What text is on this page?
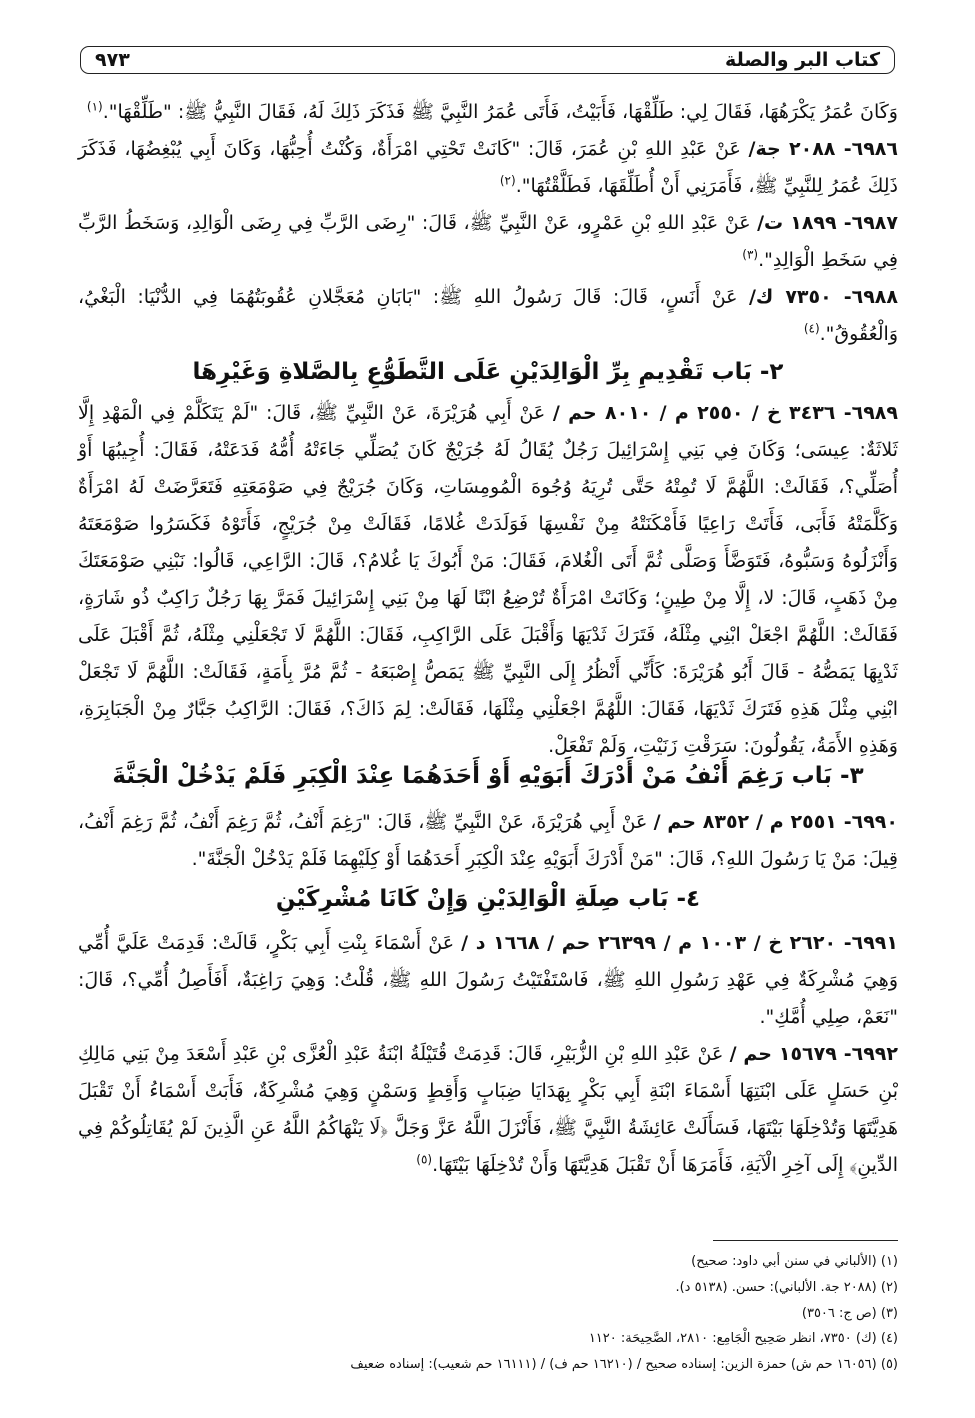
كتاب البر والصلة
٩٧٣

وَكَانَ عُمَرُ يَكْرَهُهَا، فَقَالَ لِي: طَلِّقْهَا، فَأَبَيْتُ، فَأَتَى عُمَرُ النَّبِيَّ ﷺ فَذَكَرَ ذَلِكَ لَهُ، فَقَالَ النَّبِيُّ ﷺ: "طَلِّقْهَا".$^{(١)}$

٦٩٨٦- ٢٠٨٨ جة/ عَنْ عَبْدِ اللهِ بْنِ عُمَرَ، قَالَ: "كَانَتْ تَحْتِي امْرَأَةٌ، وَكُنْتُ أُحِبُّهَا، وَكَانَ أَبِي يُبْغِضُهَا، فَذَكَرَ ذَلِكَ عُمَرُ لِلنَّبِيِّ ﷺ، فَأَمَرَنِي أَنْ أُطَلِّقَهَا، فَطَلَّقْتُهَا".$^{(٢)}$

٦٩٨٧- ١٨٩٩ ت/ عَنْ عَبْدِ اللهِ بْنِ عَمْرٍو، عَنْ النَّبِيِّ ﷺ، قَالَ: "رِضَى الرَّبِّ فِي رِضَى الْوَالِدِ، وَسَخَطُ الرَّبِّ فِي سَخَطِ الْوَالِدِ".$^{(٣)}$

٦٩٨٨- ٧٣٥٠ ك/ عَنْ أَنَسٍ، قَالَ: قَالَ رَسُولُ اللهِ ﷺ: "بَابَانِ مُعَجَّلانِ عُقُوبَتُهُمَا فِي الدُّنْيَا: الْبَغْيُ، وَالْعُقُوقُ".$^{(٤)}$

٢- بَاب تَقْدِيمِ بِرِّ الْوَالِدَيْنِ عَلَى التَّطَوُّعِ بِالصَّلاةِ وَغَيْرِهَا

٦٩٨٩- ٣٤٣٦ خ / ٢٥٥٠ م / ٨٠١٠ حم / عَنْ أَبِي هُرَيْرَةَ، عَنْ النَّبِيِّ ﷺ، قَالَ: "لَمْ يَتَكَلَّمْ فِي الْمَهْدِ إِلَّا ثَلاثَةٌ: عِيسَى؛ وَكَانَ فِي بَنِي إِسْرَائِيلَ رَجُلٌ يُقَالُ لَهُ جُرَيْجٌ كَانَ يُصَلِّي جَاءَتْهُ أُمُّهُ فَدَعَتْهُ، فَقَالَ: أُجِيبُهَا أَوْ أُصَلِّي؟، فَقَالَتْ: اللَّهُمَّ لَا تُمِتْهُ حَتَّى تُرِيَهُ وُجُوهَ الْمُومِسَاتِ، وَكَانَ جُرَيْجٌ فِي صَوْمَعَتِهِ فَتَعَرَّضَتْ لَهُ امْرَأَةٌ وَكَلَّمَتْهُ فَأَبَى، فَأَتَتْ رَاعِيًا فَأَمْكَنَتْهُ مِنْ نَفْسِهَا فَوَلَدَتْ غُلامًا، فَقَالَتْ مِنْ جُرَيْجٍ، فَأَتَوْهُ فَكَسَرُوا صَوْمَعَتَهُ وَأَنْزَلُوهُ وَسَبُّوهُ، فَتَوَضَّأَ وَصَلَّى ثُمَّ أَتَى الْغُلامَ، فَقَالَ: مَنْ أَبُوكَ يَا غُلامُ؟، قَالَ: الرَّاعِي، قَالُوا: نَبْنِي صَوْمَعَتَكَ مِنْ ذَهَبٍ، قَالَ: لا، إِلَّا مِنْ طِينٍ؛ وَكَانَتْ امْرَأَةٌ تُرْضِعُ ابْنًا لَهَا مِنْ بَنِي إِسْرَائِيلَ فَمَرَّ بِهَا رَجُلٌ رَاكِبٌ ذُو شَارَةٍ، فَقَالَتْ: اللَّهُمَّ اجْعَلْ ابْنِي مِثْلَهُ، فَتَرَكَ ثَدْيَهَا وَأَقْبَلَ عَلَى الرَّاكِبِ، فَقَالَ: اللَّهُمَّ لَا تَجْعَلْنِي مِثْلَهُ، ثُمَّ أَقْبَلَ عَلَى ثَدْيِهَا يَمَصُّهُ - قَالَ أَبُو هُرَيْرَةَ: كَأَنِّي أَنْظُرُ إِلَى النَّبِيِّ ﷺ يَمَصُّ إِصْبَعَهُ - ثُمَّ مُرَّ بِأَمَةٍ، فَقَالَتْ: اللَّهُمَّ لَا تَجْعَلْ ابْنِي مِثْلَ هَذِهِ فَتَرَكَ ثَدْيَهَا، فَقَالَ: اللَّهُمَّ اجْعَلْنِي مِثْلَهَا، فَقَالَتْ: لِمَ ذَاكَ؟، فَقَالَ: الرَّاكِبُ جَبَّارٌ مِنْ الْجَبَابِرَةِ، وَهَذِهِ الأَمَةُ، يَقُولُونَ: سَرَقْتِ زَنَيْتِ، وَلَمْ تَفْعَلْ.

٣- بَاب رَغِمَ أَنْفُ مَنْ أَدْرَكَ أَبَوَيْهِ أَوْ أَحَدَهُمَا عِنْدَ الْكِبَرِ فَلَمْ يَدْخُلْ الْجَنَّةَ

٦٩٩٠- ٢٥٥١ م / ٨٣٥٢ حم / عَنْ أَبِي هُرَيْرَةَ، عَنْ النَّبِيِّ ﷺ، قَالَ: "رَغِمَ أَنْفُ، ثُمَّ رَغِمَ أَنْفُ، ثُمَّ رَغِمَ أَنْفُ، قِيلَ: مَنْ يَا رَسُولَ اللهِ؟، قَالَ: "مَنْ أَدْرَكَ أَبَوَيْهِ عِنْدَ الْكِبَرِ أَحَدَهُمَا أَوْ كِلَيْهِمَا فَلَمْ يَدْخُلْ الْجَنَّةَ".

٤- بَاب صِلَةِ الْوَالِدَيْنِ وَإِنْ كَانَا مُشْرِكَيْنِ

٦٩٩١- ٢٦٢٠ خ / ١٠٠٣ م / ٢٦٣٩٩ حم / ١٦٦٨ د / عَنْ أَسْمَاءَ بِنْتِ أَبِي بَكْرٍ، قَالَتْ: قَدِمَتْ عَلَيَّ أُمِّي وَهِيَ مُشْرِكَةٌ فِي عَهْدِ رَسُولِ اللهِ ﷺ، فَاسْتَفْتَيْتُ رَسُولَ اللهِ ﷺ، قُلْتُ: وَهِيَ رَاغِبَةٌ، أَفَأَصِلُ أُمِّي؟، قَالَ: "نَعَمْ، صِلِي أُمَّكِ".

٦٩٩٢- ١٥٦٧٩ حم / عَنْ عَبْدِ اللهِ بْنِ الزُّبَيْرِ، قَالَ: قَدِمَتْ قُتَيْلَةُ ابْنَةُ عَبْدِ الْعُزَّى بْنِ عَبْدِ أَسْعَدَ مِنْ بَنِي مَالِكِ بْنِ حَسَلٍ عَلَى ابْنَتِهَا أَسْمَاءَ ابْنَةِ أَبِي بَكْرٍ بِهَدَايَا ضِبَابٍ وَأَقِطٍ وَسَمْنٍ وَهِيَ مُشْرِكَةٌ، فَأَبَتْ أَسْمَاءُ أَنْ تَقْبَلَ هَدِيَّتَهَا وَتُدْخِلَهَا بَيْتَهَا، فَسَأَلَتْ عَائِشَةُ النَّبِيَّ ﷺ، فَأَنْزَلَ اللَّهُ عَزَّ وَجَلَّ ﴿لَا يَنْهَاكُمُ اللَّهُ عَنِ الَّذِينَ لَمْ يُقَاتِلُوكُمْ فِي الدِّينِ﴾ إِلَى آخِرِ الْآيَةِ، فَأَمَرَهَا أَنْ تَقْبَلَ هَدِيَّتَهَا وَأَنْ تُدْخِلَهَا بَيْتَهَا.$^{(٥)}$

(١) (الألباني في سنن أبي داود: صحيح)

(٢) (٢٠٨٨ جة. الألباني): حسن. (٥١٣٨ د).

(٣) (ص ج: ٣٥٠٦)

(٤) (ك) ٧٣٥٠، انظر صَحِيح الْجَامِع: ٢٨١٠، الصَّحِيحَة: ١١٢٠

(٥) (١٦٠٥٦ حم ش) حمزة الزين: إسناده صحيح / (١٦٢١٠ حم ف) / (١٦١١١ حم شعيب): إسناده ضعيف
